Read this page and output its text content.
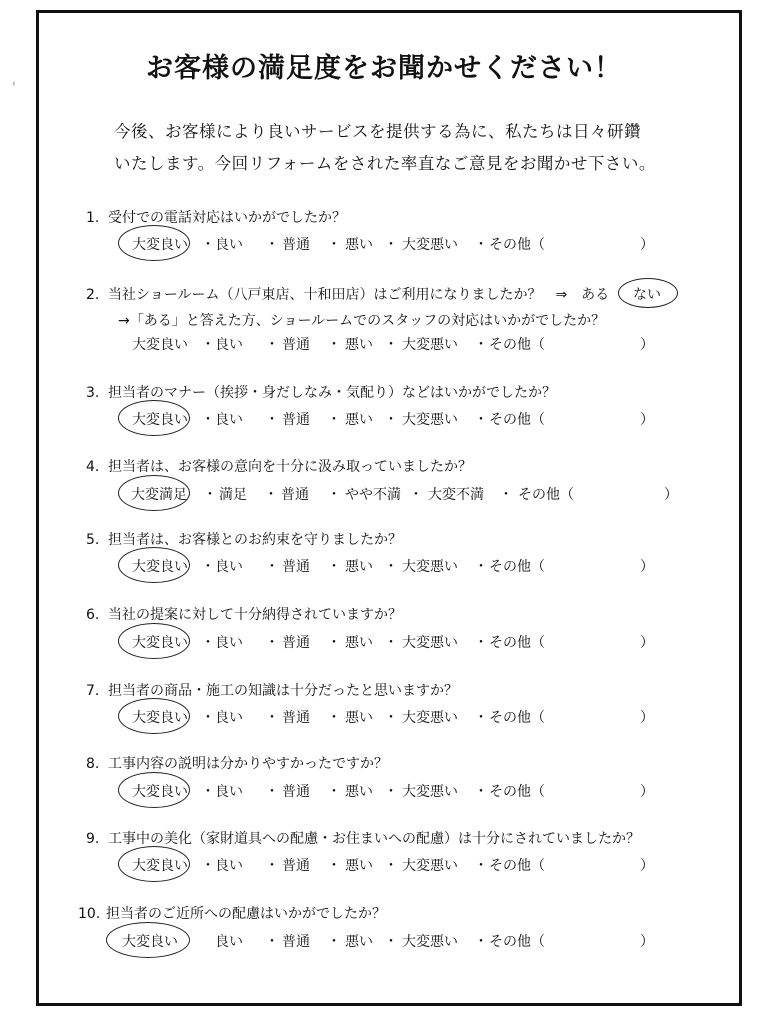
'
お客様の満足度をお聞かせください！
今後、お客様により良いサービスを提供する為に、私たちは日々研鑽
いたします。今回リフォームをされた率直なご意見をお聞かせ下さい。
1. 受付での電話対応はいかがでしたか？
大変良い 良い	普通	悪い 大変悪い その他（
・	・	・	・	・	）
2. 当社ショールーム（八戸東店、十和田店）はご利用になりましたか？　⇒　ある ない
→「ある」と答えた方、ショールームでのスタッフの対応はいかがでしたか？
大変良い 良い	普通	悪い 大変悪い その他（
・	・	・	・	・	）
3. 担当者のマナー（挨拶・身だしなみ・気配り）などはいかがでしたか？
大変良い 良い	普通	悪い 大変悪い その他（
・	・	・	・	・	）
4. 担当者は、お客様の意向を十分に汲み取っていましたか？
大変満足 満足 普通	やや不満 大変不満 その他（
・	・	・	・	・	）
5. 担当者は、お客様とのお約束を守りましたか？
大変良い 良い	普通	悪い 大変悪い その他（
・	・	・	・	・	）
6. 当社の提案に対して十分納得されていますか？
大変良い 良い	普通	悪い 大変悪い その他（
・	・	・	・	・	）
7. 担当者の商品・施工の知識は十分だったと思いますか？
大変良い 良い	普通	悪い 大変悪い その他（
・	・	・	・	・	）
8. 工事内容の説明は分かりやすかったですか？
大変良い 良い	普通	悪い 大変悪い その他（
・	・	・	・	・	）
9. 工事中の美化（家財道具への配慮・お住まいへの配慮）は十分にされていましたか？
大変良い 良い	普通	悪い 大変悪い その他（
・	・	・	・	・	）
10. 担当者のご近所への配慮はいかがでしたか？
大変良い	良い	普通	悪い 大変悪い その他（
・	・	・	・	）
